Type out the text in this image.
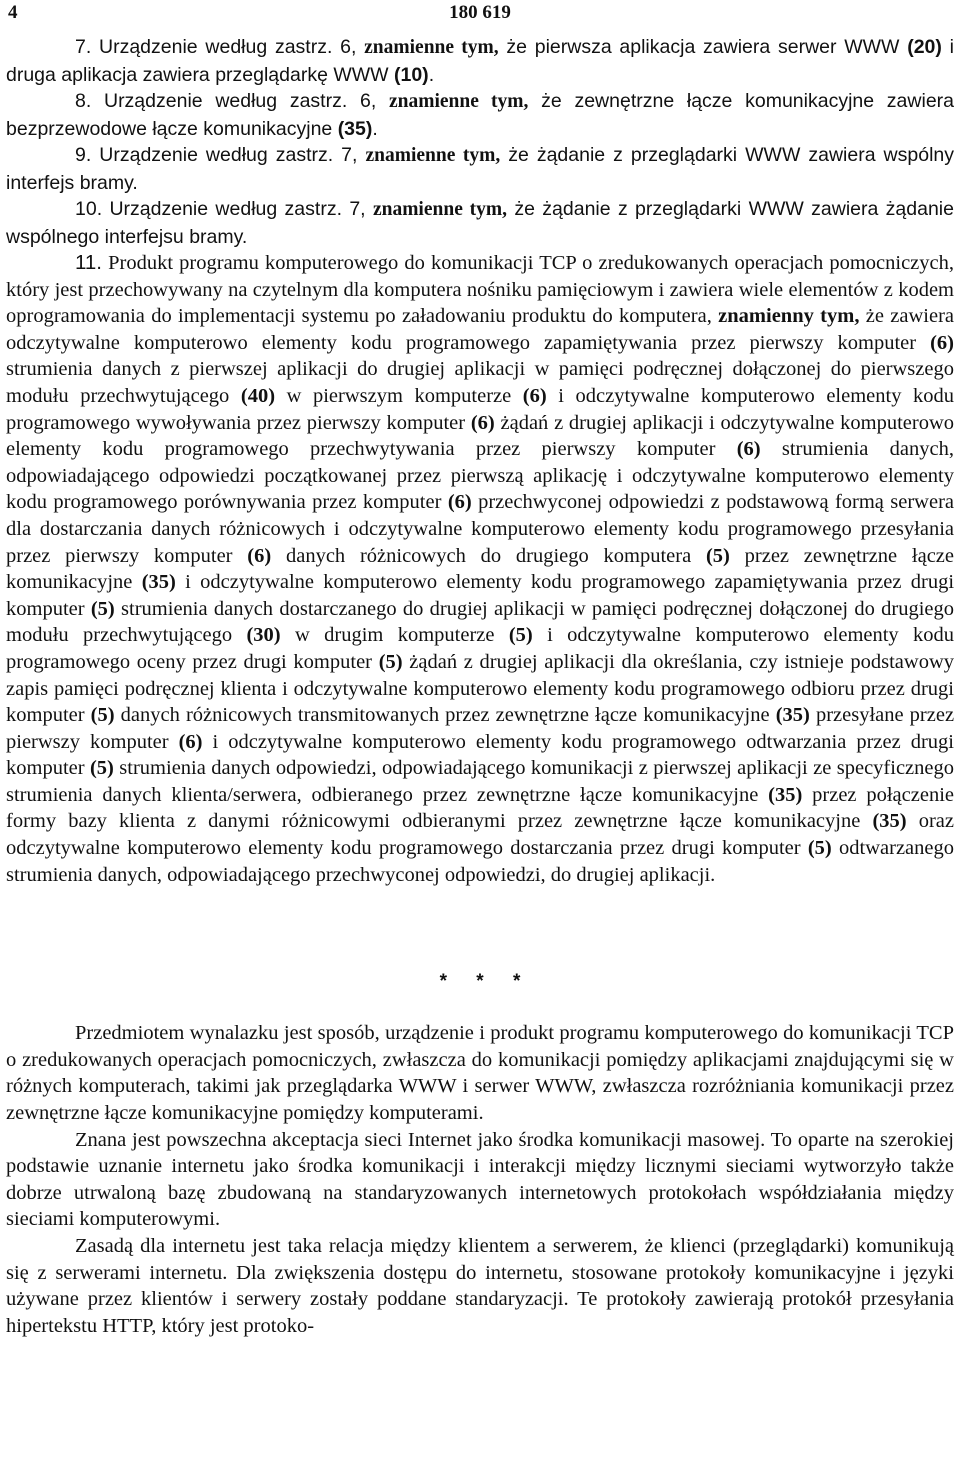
4	180 619

7. Urządzenie według zastrz. 6, znamienne tym, że pierwsza aplikacja zawiera serwer WWW (20) i druga aplikacja zawiera przeglądarkę WWW (10).

8. Urządzenie według zastrz. 6, znamienne tym, że zewnętrzne łącze komunikacyjne zawiera bezprzewodowe łącze komunikacyjne (35).

9. Urządzenie według zastrz. 7, znamienne tym, że żądanie z przeglądarki WWW zawiera wspólny interfejs bramy.

10. Urządzenie według zastrz. 7, znamienne tym, że żądanie z przeglądarki WWW zawiera żądanie wspólnego interfejsu bramy.

11. Produkt programu komputerowego do komunikacji TCP o zredukowanych operacjach pomocniczych, który jest przechowywany na czytelnym dla komputera nośniku pamięciowym i zawiera wiele elementów z kodem oprogramowania do implementacji systemu po załadowaniu produktu do komputera, znamienny tym, że zawiera odczytywalne komputerowo elementy kodu programowego zapamiętywania przez pierwszy komputer (6) strumienia danych z pierwszej aplikacji do drugiej aplikacji w pamięci podręcznej dołączonej do pierwszego modułu przechwytującego (40) w pierwszym komputerze (6) i odczytywalne komputerowo elementy kodu programowego wywoływania przez pierwszy komputer (6) żądań z drugiej aplikacji i odczytywalne komputerowo elementy kodu programowego przechwytywania przez pierwszy komputer (6) strumienia danych, odpowiadającego odpowiedzi początkowanej przez pierwszą aplikację i odczytywalne komputerowo elementy kodu programowego porównywania przez komputer (6) przechwyconej odpowiedzi z podstawową formą serwera dla dostarczania danych różnicowych i odczytywalne komputerowo elementy kodu programowego przesyłania przez pierwszy komputer (6) danych różnicowych do drugiego komputera (5) przez zewnętrzne łącze komunikacyjne (35) i odczytywalne komputerowo elementy kodu programowego zapamiętywania przez drugi komputer (5) strumienia danych dostarczanego do drugiej aplikacji w pamięci podręcznej dołączonej do drugiego modułu przechwytującego (30) w drugim komputerze (5) i odczytywalne komputerowo elementy kodu programowego oceny przez drugi komputer (5) żądań z drugiej aplikacji dla określania, czy istnieje podstawowy zapis pamięci podręcznej klienta i odczytywalne komputerowo elementy kodu programowego odbioru przez drugi komputer (5) danych różnicowych transmitowanych przez zewnętrzne łącze komunikacyjne (35) przesyłane przez pierwszy komputer (6) i odczytywalne komputerowo elementy kodu programowego odtwarzania przez drugi komputer (5) strumienia danych odpowiedzi, odpowiadającego komunikacji z pierwszej aplikacji ze specyficznego strumienia danych klienta/serwera, odbieranego przez zewnętrzne łącze komunikacyjne (35) przez połączenie formy bazy klienta z danymi różnicowymi odbieranymi przez zewnętrzne łącze komunikacyjne (35) oraz odczytywalne komputerowo elementy kodu programowego dostarczania przez drugi komputer (5) odtwarzanego strumienia danych, odpowiadającego przechwyconej odpowiedzi, do drugiej aplikacji.

* * *

Przedmiotem wynalazku jest sposób, urządzenie i produkt programu komputerowego do komunikacji TCP o zredukowanych operacjach pomocniczych, zwłaszcza do komunikacji pomiędzy aplikacjami znajdującymi się w różnych komputerach, takimi jak przeglądarka WWW i serwer WWW, zwłaszcza rozróżniania komunikacji przez zewnętrzne łącze komunikacyjne pomiędzy komputerami.

Znana jest powszechna akceptacja sieci Internet jako środka komunikacji masowej. To oparte na szerokiej podstawie uznanie internetu jako środka komunikacji i interakcji między licznymi sieciami wytworzyło także dobrze utrwaloną bazę zbudowaną na standaryzowanych internetowych protokołach współdziałania między sieciami komputerowymi.

Zasadą dla internetu jest taka relacja między klientem a serwerem, że klienci (przeglądarki) komunikują się z serwerami internetu. Dla zwiększenia dostępu do internetu, stosowane protokoły komunikacyjne i języki używane przez klientów i serwery zostały poddane standaryzacji. Te protokoły zawierają protokół przesyłania hipertekstu HTTP, który jest protoko-
